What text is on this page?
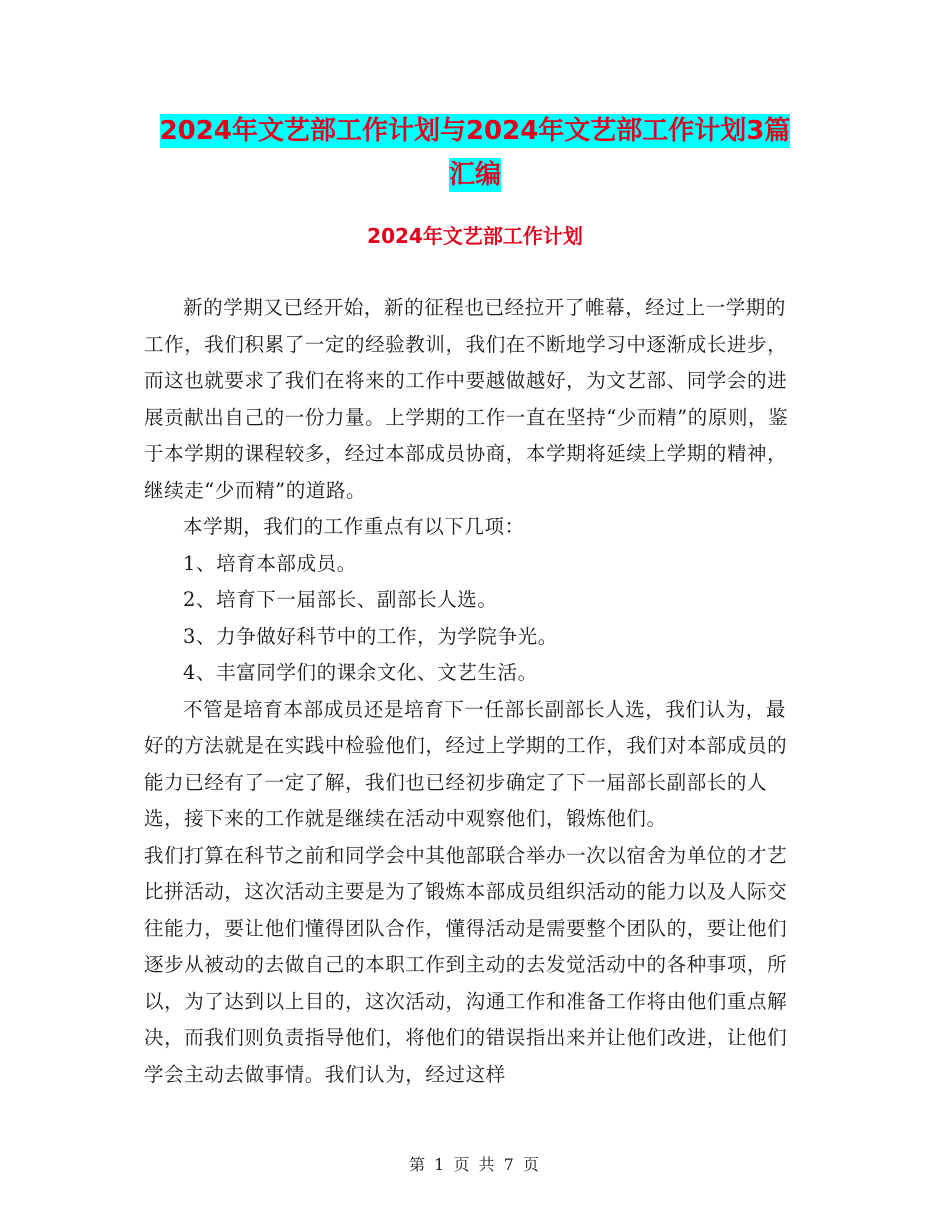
2024年文艺部工作计划与2024年文艺部工作计划3篇
汇编
2024年文艺部工作计划

新的学期又已经开始，新的征程也已经拉开了帷幕，经过上一学期的工作，我们积累了一定的经验教训，我们在不断地学习中逐渐成长进步，而这也就要求了我们在将来的工作中要越做越好，为文艺部、同学会的进展贡献出自己的一份力量。上学期的工作一直在坚持“少而精”的原则，鉴于本学期的课程较多，经过本部成员协商，本学期将延续上学期的精神，继续走“少而精”的道路。

本学期，我们的工作重点有以下几项：

1、培育本部成员。

2、培育下一届部长、副部长人选。

3、力争做好科节中的工作，为学院争光。

4、丰富同学们的课余文化、文艺生活。

不管是培育本部成员还是培育下一任部长副部长人选，我们认为，最好的方法就是在实践中检验他们，经过上学期的工作，我们对本部成员的能力已经有了一定了解，我们也已经初步确定了下一届部长副部长的人选，接下来的工作就是继续在活动中观察他们，锻炼他们。

我们打算在科节之前和同学会中其他部联合举办一次以宿舍为单位的才艺比拼活动，这次活动主要是为了锻炼本部成员组织活动的能力以及人际交往能力，要让他们懂得团队合作，懂得活动是需要整个团队的，要让他们逐步从被动的去做自己的本职工作到主动的去发觉活动中的各种事项，所以，为了达到以上目的，这次活动，沟通工作和准备工作将由他们重点解决，而我们则负责指导他们，将他们的错误指出来并让他们改进，让他们学会主动去做事情。我们认为，经过这样

第 1 页 共 7 页
